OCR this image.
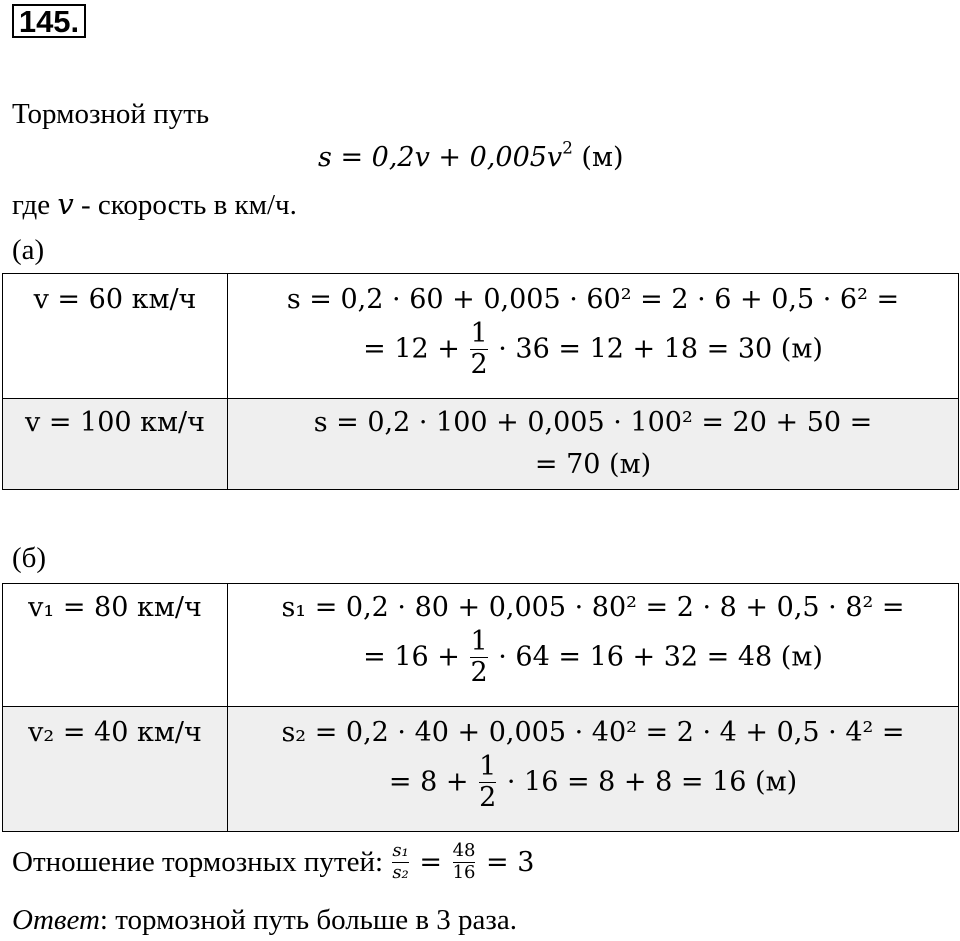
145.
Тормозной путь
$s = 0,2v + 0,005v^2$ (м)
где v - скорость в км/ч.
(а)
v = 60 км/ч	s = 0,2 · 60 + 0,005 · 60² = 2 · 6 + 0,5 · 6² =
= $12 + \frac{1}{2} \cdot 36 = 12 + 18 = 30$ (м)

v = 100 км/ч	s = 0,2 · 100 + 0,005 · 100² = 20 + 50 =
= 70 (м)
(б)
v₁ = 80 км/ч	s₁ = 0,2 · 80 + 0,005 · 80² = 2 · 8 + 0,5 · 8² =
= $16 + \frac{1}{2} \cdot 64 = 16 + 32 = 48$ (м)

v₂ = 40 км/ч	s₂ = 0,2 · 40 + 0,005 · 40² = 2 · 4 + 0,5 · 4² =
= $8 + \frac{1}{2} \cdot 16 = 8 + 8 = 16$ (м)
Отношение тормозных путей: $\frac{\text{s₁}}{\text{s₂}} = \frac{48}{16} = 3$
Ответ: тормозной путь больше в 3 раза.
